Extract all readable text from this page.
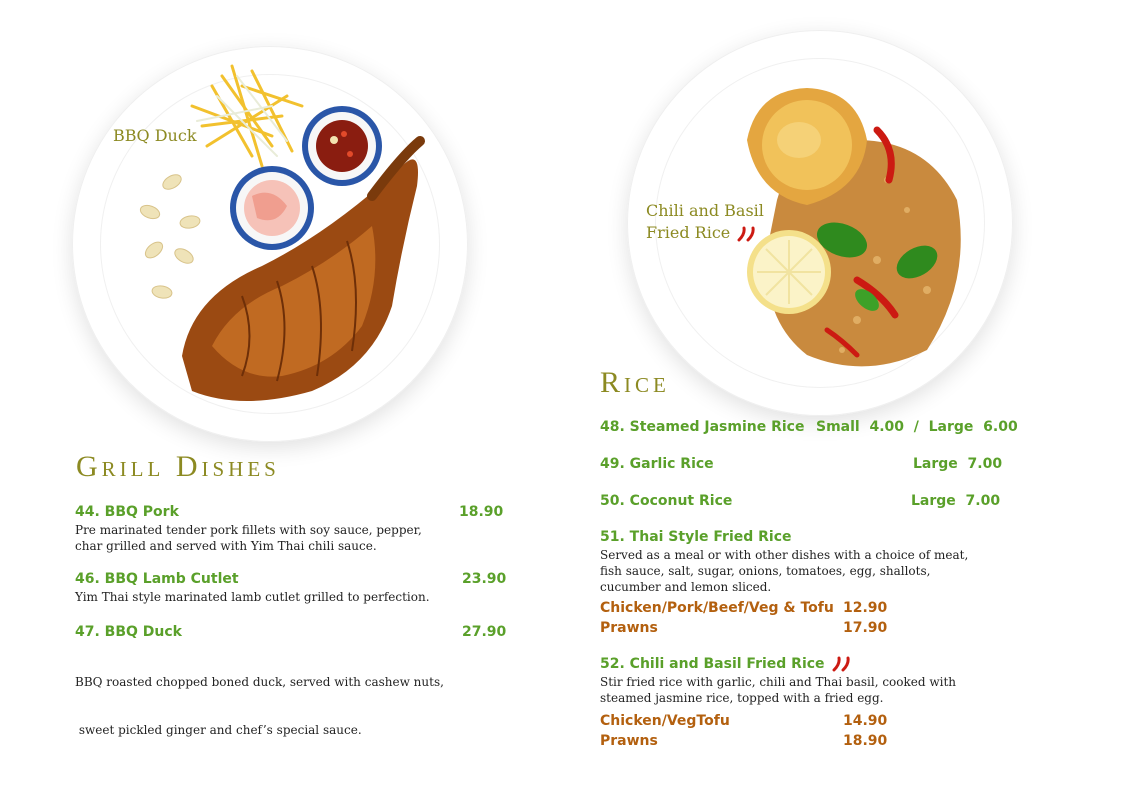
BBQ Duck
Chili and Basil
Fried Rice
Grill Dishes
44. BBQ Pork	18.90
Pre marinated tender pork fillets with soy sauce, pepper,
char grilled and served with Yim Thai chili sauce.
46. BBQ Lamb Cutlet	23.90
Yim Thai style marinated lamb cutlet grilled to perfection.
47. BBQ Duck	27.90

BBQ roasted chopped boned duck, served with cashew nuts,

sweet pickled ginger and chef’s special sauce.

Rice
48. Steamed Jasmine Rice Small  4.00  /  Large  6.00
49. Garlic Rice	Large  7.00
50. Coconut Rice	Large  7.00
51. Thai Style Fried Rice
Served as a meal or with other dishes with a choice of meat,
fish sauce, salt, sugar, onions, tomatoes, egg, shallots,
cucumber and lemon sliced.
Chicken/Pork/Beef/Veg & Tofu 12.90
Prawns	17.90
52. Chili and Basil Fried Rice
Stir fried rice with garlic, chili and Thai basil, cooked with
steamed jasmine rice, topped with a fried egg.
Chicken/VegTofu	14.90
Prawns	18.90
